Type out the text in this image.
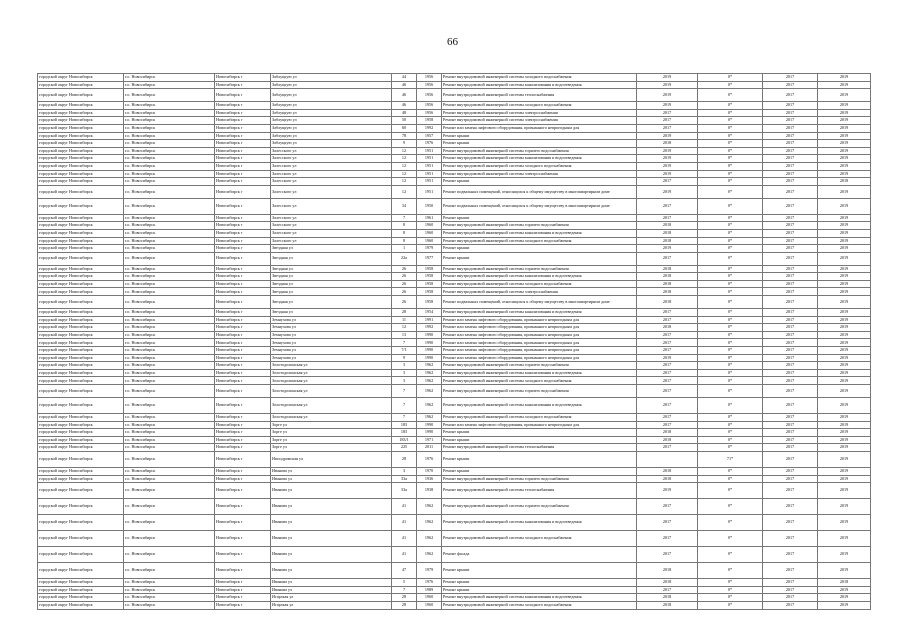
66
городской округ Новосибирск	г.о. Новосибирск	Новосибирск г	Заблуцкую ул	44	1956	Ремонт внутридомовой инженерной системы холодного водоснабжения	2019	0*	2017	2019
городской округ Новосибирск	г.о. Новосибирск	Новосибирск г	Заблуцкую ул	46	1956	Ремонт внутридомовой инженерной системы канализования и водоотведения	2019	0*	2017	2019
городской округ Новосибирск	г.о. Новосибирск	Новосибирск г	Заблуцкую ул	46	1956	Ремонт внутридомовой инженерной системы теплоснабжения	2019	0*	2017	2019
городской округ Новосибирск	г.о. Новосибирск	Новосибирск г	Заблуцкую ул	46	1956	Ремонт внутридомовой инженерной системы холодного водоснабжения	2019	0*	2017	2019
городской округ Новосибирск	г.о. Новосибирск	Новосибирск г	Заблуцкую ул	48	1956	Ремонт внутридомовой инженерной системы электроснабжения	2017	0*	2017	2019
городской округ Новосибирск	г.о. Новосибирск	Новосибирск г	Заблуцкую ул	50	1958	Ремонт внутридомовой инженерной системы электроснабжения	2017	0*	2017	2019
городской округ Новосибирск	г.о. Новосибирск	Новосибирск г	Заблуцкую ул	60	1992	Ремонт или замена лифтового оборудования, признанного непригодным для	2017	0*	2017	2019
городской округ Новосибирск	г.о. Новосибирск	Новосибирск г	Заблуцкую ул	78	1957	Ремонт крыши	2019	0*	2017	2019
городской округ Новосибирск	г.о. Новосибирск	Новосибирск г	Заблуцкую ул	9	1976	Ремонт крыши	2018	0*	2017	2019
городской округ Новосибирск	г.о. Новосибирск	Новосибирск г	Залесского ул	12	1951	Ремонт внутридомовой инженерной системы горячего водоснабжения	2019	0*	2017	2019
городской округ Новосибирск	г.о. Новосибирск	Новосибирск г	Залесского ул	12	1951	Ремонт внутридомовой инженерной системы канализования и водоотведения	2019	0*	2017	2019
городской округ Новосибирск	г.о. Новосибирск	Новосибирск г	Залесского ул	12	1951	Ремонт внутридомовой инженерной системы холодного водоснабжения	2019	0*	2017	2019
городской округ Новосибирск	г.о. Новосибирск	Новосибирск г	Залесского ул	12	1951	Ремонт внутридомовой инженерной системы электроснабжения	2019	0*	2017	2019
городской округ Новосибирск	г.о. Новосибирск	Новосибирск г	Залесского ул	12	1951	Ремонт крыши	2017	0*	2017	2018
городской округ Новосибирск	г.о. Новосибирск	Новосибирск г	Залесского ул	12	1951	Ремонт подвальных помещений, относящихся к общему имуществу в многоквартирном доме	2019	0*	2017	2019
городской округ Новосибирск	г.о. Новосибирск	Новосибирск г	Залесского ул	34	1950	Ремонт подвальных помещений, относящихся к общему имуществу в многоквартирном доме	2017	0*	2017	2019
городской округ Новосибирск	г.о. Новосибирск	Новосибирск г	Залесского ул	7	1961	Ремонт крыши	2017	0*	2017	2019
городской округ Новосибирск	г.о. Новосибирск	Новосибирск г	Залесского ул	8	1960	Ремонт внутридомовой инженерной системы горячего водоснабжения	2018	0*	2017	2019
городской округ Новосибирск	г.о. Новосибирск	Новосибирск г	Залесского ул	8	1960	Ремонт внутридомовой инженерной системы канализования и водоотведения	2018	0*	2017	2019
городской округ Новосибирск	г.о. Новосибирск	Новосибирск г	Залесского ул	8	1960	Ремонт внутридомовой инженерной системы холодного водоснабжения	2018	0*	2017	2019
городской округ Новосибирск	г.о. Новосибирск	Новосибирск г	Звездная ул	1	1979	Ремонт крыши	2019	0*	2017	2019
городской округ Новосибирск	г.о. Новосибирск	Новосибирск г	Звездная ул	22а	1977	Ремонт крыши	2017	0*	2017	2019
городской округ Новосибирск	г.о. Новосибирск	Новосибирск г	Звездная ул	26	1958	Ремонт внутридомовой инженерной системы горячего водоснабжения	2018	0*	2017	2019
городской округ Новосибирск	г.о. Новосибирск	Новосибирск г	Звездная ул	26	1958	Ремонт внутридомовой инженерной системы канализования и водоотведения	2018	0*	2017	2019
городской округ Новосибирск	г.о. Новосибирск	Новосибирск г	Звездная ул	26	1958	Ремонт внутридомовой инженерной системы холодного водоснабжения	2018	0*	2017	2019
городской округ Новосибирск	г.о. Новосибирск	Новосибирск г	Звездная ул	26	1958	Ремонт внутридомовой инженерной системы электроснабжения	2018	0*	2017	2019
городской округ Новосибирск	г.о. Новосибирск	Новосибирск г	Звездная ул	26	1958	Ремонт подвальных помещений, относящихся к общему имуществу в многоквартирном доме	2018	0*	2017	2019
городской округ Новосибирск	г.о. Новосибирск	Новосибирск г	Звездная ул	28	1954	Ремонт внутридомовой инженерной системы канализования и водоотведения	2017	0*	2017	2019
городской округ Новосибирск	г.о. Новосибирск	Новосибирск г	Земнухова ул	11	1991	Ремонт или замена лифтового оборудования, признанного непригодным для	2017	0*	2017	2019
городской округ Новосибирск	г.о. Новосибирск	Новосибирск г	Земнухова ул	12	1992	Ремонт или замена лифтового оборудования, признанного непригодным для	2018	0*	2017	2019
городской округ Новосибирск	г.о. Новосибирск	Новосибирск г	Земнухова ул	13	1990	Ремонт или замена лифтового оборудования, признанного непригодным для	2017	0*	2017	2019
городской округ Новосибирск	г.о. Новосибирск	Новосибирск г	Земнухова ул	7	1990	Ремонт или замена лифтового оборудования, признанного непригодным для	2017	0*	2017	2019
городской округ Новосибирск	г.о. Новосибирск	Новосибирск г	Земнухова ул	7/1	1990	Ремонт или замена лифтового оборудования, признанного непригодным для	2017	0*	2017	2019
городской округ Новосибирск	г.о. Новосибирск	Новосибирск г	Земнухова ул	9	1990	Ремонт или замена лифтового оборудования, признанного непригодным для	2019	0*	2017	2019
городской округ Новосибирск	г.о. Новосибирск	Новосибирск г	Золотодолинская ул	3	1962	Ремонт внутридомовой инженерной системы горячего водоснабжения	2017	0*	2017	2019
городской округ Новосибирск	г.о. Новосибирск	Новосибирск г	Золотодолинская ул	3	1962	Ремонт внутридомовой инженерной системы канализования и водоотведения	2017	0*	2017	2019
городской округ Новосибирск	г.о. Новосибирск	Новосибирск г	Золотодолинская ул	3	1962	Ремонт внутридомовой инженерной системы холодного водоснабжения	2017	0*	2017	2019
городской округ Новосибирск	г.о. Новосибирск	Новосибирск г	Золотодолинская ул	7	1962	Ремонт внутридомовой инженерной системы горячего водоснабжения	2017	0*	2017	2019
городской округ Новосибирск	г.о. Новосибирск	Новосибирск г	Золотодолинская ул	7	1962	Ремонт внутридомовой инженерной системы канализования и водоотведения	2017	0*	2017	2019
городской округ Новосибирск	г.о. Новосибирск	Новосибирск г	Золотодолинская ул	7	1962	Ремонт внутридомовой инженерной системы холодного водоснабжения	2017	0*	2017	2019
городской округ Новосибирск	г.о. Новосибирск	Новосибирск г	Зорге ул	183	1990	Ремонт или замена лифтового оборудования, признанного непригодным для	2017	0*	2017	2019
городской округ Новосибирск	г.о. Новосибирск	Новосибирск г	Зорге ул	183	1990	Ремонт крыши	2018	0*	2017	2019
городской округ Новосибирск	г.о. Новосибирск	Новосибирск г	Зорге ул	183/1	1971	Ремонт крыши	2018	0*	2017	2019
городской округ Новосибирск	г.о. Новосибирск	Новосибирск г	Зорге ул	225	2011	Ремонт внутридомовой инженерной системы теплоснабжения	2017	0*	2017	2019
городской округ Новосибирск	г.о. Новосибирск	Новосибирск г	Ипподромская ул	28	1976	Ремонт крыши		71*	2017	2019
городской округ Новосибирск	г.о. Новосибирск	Новосибирск г	Иванова ул	3	1970	Ремонт крыши	2018	0*	2017	2019
городской округ Новосибирск	г.о. Новосибирск	Новосибирск г	Иванова ул	33а	1936	Ремонт внутридомовой инженерной системы горячего водоснабжения	2018	0*	2017	2019
городской округ Новосибирск	г.о. Новосибирск	Новосибирск г	Иванова ул	33а	1938	Ремонт внутридомовой инженерной системы теплоснабжения	2019	0*	2017	2019
городской округ Новосибирск	г.о. Новосибирск	Новосибирск г	Иванова ул	41	1962	Ремонт внутридомовой инженерной системы горячего водоснабжения	2017	0*	2017	2019
городской округ Новосибирск	г.о. Новосибирск	Новосибирск г	Иванова ул	41	1962	Ремонт внутридомовой инженерной системы канализования и водоотведения	2017	0*	2017	2019
городской округ Новосибирск	г.о. Новосибирск	Новосибирск г	Иванова ул	41	1962	Ремонт внутридомовой инженерной системы холодного водоснабжения	2017	0*	2017	2019
городской округ Новосибирск	г.о. Новосибирск	Новосибирск г	Иванова ул	41	1962	Ремонт фасада	2017	0*	2017	2019
городской округ Новосибирск	г.о. Новосибирск	Новосибирск г	Иванова ул	47	1979	Ремонт крыши	2018	0*	2017	2019
городской округ Новосибирск	г.о. Новосибирск	Новосибирск г	Иванова ул	5	1976	Ремонт крыши	2018	0*	2017	2018
городской округ Новосибирск	г.о. Новосибирск	Новосибирск г	Иванова ул	7	1989	Ремонт крыши	2017	0*	2017	2019
городской округ Новосибирск	г.о. Новосибирск	Новосибирск г	Игарская ул	28	1960	Ремонт внутридомовой инженерной системы канализования и водоотведения	2018	0*	2017	2019
городской округ Новосибирск	г.о. Новосибирск	Новосибирск г	Игарская ул	28	1960	Ремонт внутридомовой инженерной системы холодного водоснабжения	2018	0*	2017	2019
